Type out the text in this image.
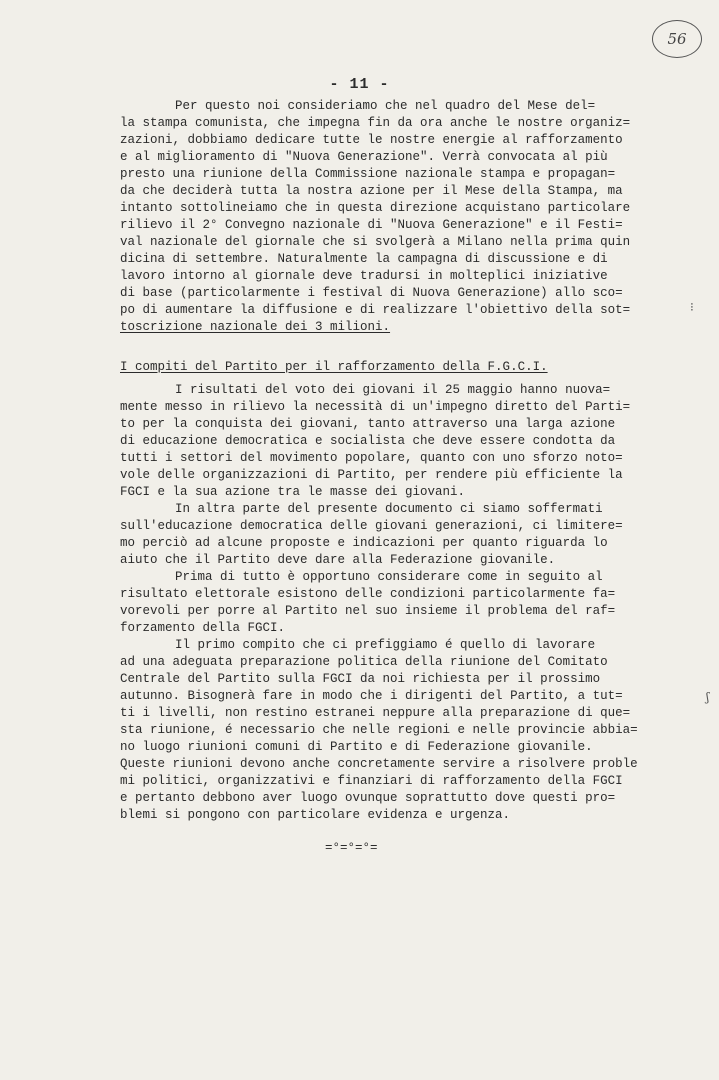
56
- 11 -

Per questo noi consideriamo che nel quadro del Mese del=

la stampa comunista, che impegna fin da ora anche le nostre organiz=

zazioni, dobbiamo dedicare tutte le nostre energie al rafforzamento

e al miglioramento di "Nuova Generazione". Verrà convocata al più

presto una riunione della Commissione nazionale stampa e propagan=

da che deciderà tutta la nostra azione per il Mese della Stampa, ma

intanto sottolineiamo che in questa direzione acquistano particolare

rilievo il 2° Convegno nazionale di "Nuova Generazione" e il Festi=

val nazionale del giornale che si svolgerà a Milano nella prima quin

dicina di settembre. Naturalmente la campagna di discussione e di

lavoro intorno al giornale deve tradursi in molteplici iniziative

di base (particolarmente i festival di Nuova Generazione) allo sco=

po di aumentare la diffusione e di realizzare l'obiettivo della sot=

toscrizione nazionale dei 3 milioni.

I compiti del Partito per il rafforzamento della F.G.C.I.

I risultati del voto dei giovani il 25 maggio hanno nuova=

mente messo in rilievo la necessità di un'impegno diretto del Parti=

to per la conquista dei giovani, tanto attraverso una larga azione

di educazione democratica e socialista che deve essere condotta da

tutti i settori del movimento popolare, quanto con uno sforzo noto=

vole delle organizzazioni di Partito, per rendere più efficiente la

FGCI e la sua azione tra le masse dei giovani.

In altra parte del presente documento ci siamo soffermati

sull'educazione democratica delle giovani generazioni, ci limitere=

mo perciò ad alcune proposte e indicazioni per quanto riguarda lo

aiuto che il Partito deve dare alla Federazione giovanile.

Prima di tutto è opportuno considerare come in seguito al

risultato elettorale esistono delle condizioni particolarmente fa=

vorevoli per porre al Partito nel suo insieme il problema del raf=

forzamento della FGCI.

Il primo compito che ci prefiggiamo é quello di lavorare

ad una adeguata preparazione politica della riunione del Comitato

Centrale del Partito sulla FGCI da noi richiesta per il prossimo

autunno. Bisognerà fare in modo che i dirigenti del Partito, a tut=

ti i livelli, non restino estranei neppure alla preparazione di que=

sta riunione, é necessario che nelle regioni e nelle provincie abbia=

no luogo riunioni comuni di Partito e di Federazione giovanile.

Queste riunioni devono anche concretamente servire a risolvere proble

mi politici, organizzativi e finanziari di rafforzamento della FGCI

e pertanto debbono aver luogo ovunque soprattutto dove questi pro=

blemi si pongono con particolare evidenza e urgenza.

=°=°=°=

⁝
ʃ
